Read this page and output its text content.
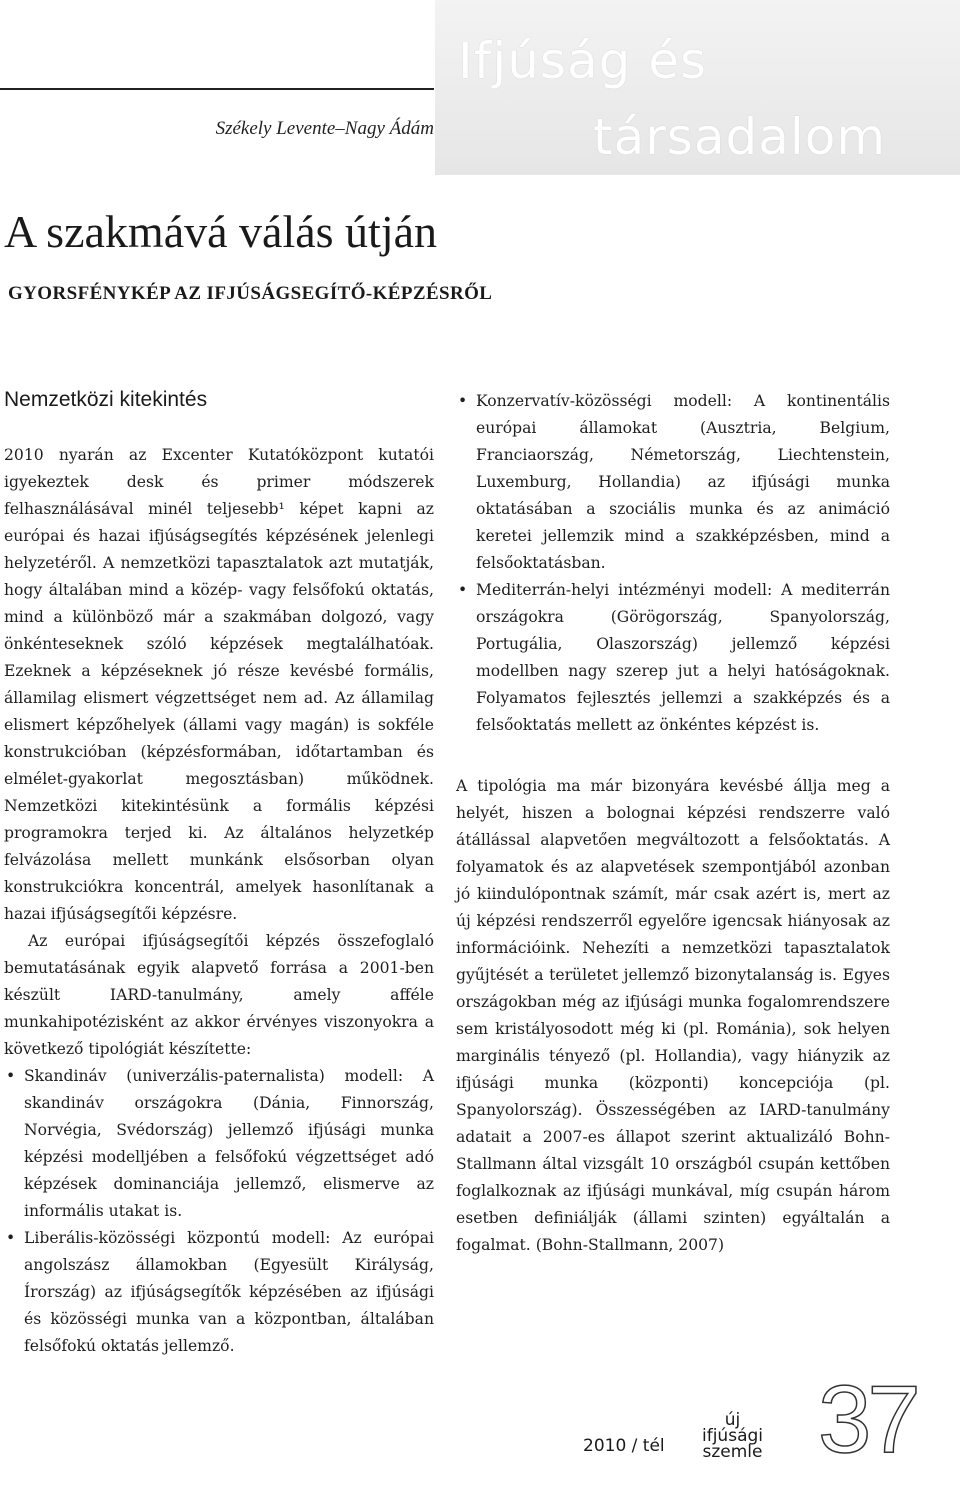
Ifjúság és
társadalom
Székely Levente–Nagy Ádám
A szakmává válás útján
GYORSFÉNYKÉP AZ IFJÚSÁGSEGÍTŐ-KÉPZÉSRŐL
Nemzetközi kitekintés

2010 nyarán az Excenter Kutatóközpont kutatói igyekeztek desk és primer módszerek felhasználásával minél teljesebb¹ képet kapni az európai és hazai ifjúságsegítés képzésének jelenlegi helyzetéről. A nemzetközi tapasztalatok azt mutatják, hogy általában mind a közép- vagy felsőfokú oktatás, mind a különböző már a szakmában dolgozó, vagy önkénteseknek szóló képzések megtalálhatóak. Ezeknek a képzéseknek jó része kevésbé formális, államilag elismert végzettséget nem ad. Az államilag elismert képzőhelyek (állami vagy magán) is sokféle konstrukcióban (képzésformában, időtartamban és elmélet-gyakorlat megosztásban) működnek. Nemzetközi kitekintésünk a formális képzési programokra terjed ki. Az általános helyzetkép felvázolása mellett munkánk elsősorban olyan konstrukciókra koncentrál, amelyek hasonlítanak a hazai ifjúságsegítői képzésre.

Az európai ifjúságsegítői képzés összefoglaló bemutatásának egyik alapvető forrása a 2001-ben készült IARD-tanulmány, amely afféle munkahipotézisként az akkor érvényes viszonyokra a következő tipológiát készítette:

• Skandináv (univerzális-paternalista) modell: A skandináv országokra (Dánia, Finnország, Norvégia, Svédország) jellemző ifjúsági munka képzési modelljében a felsőfokú végzettséget adó képzések dominanciája jellemző, elismerve az informális utakat is.
• Liberális-közösségi központú modell: Az európai angolszász államokban (Egyesült Királyság, Írország) az ifjúságsegítők képzésében az ifjúsági és közösségi munka van a központban, általában felsőfokú oktatás jellemző.
• Konzervatív-közösségi modell: A kontinentális európai államokat (Ausztria, Belgium, Franciaország, Németország, Liechtenstein, Luxemburg, Hollandia) az ifjúsági munka oktatásában a szociális munka és az animáció keretei jellemzik mind a szakképzésben, mind a felsőoktatásban.
• Mediterrán-helyi intézményi modell: A mediterrán országokra (Görögország, Spanyolország, Portugália, Olaszország) jellemző képzési modellben nagy szerep jut a helyi hatóságoknak. Folyamatos fejlesztés jellemzi a szakképzés és a felsőoktatás mellett az önkéntes képzést is.

A tipológia ma már bizonyára kevésbé állja meg a helyét, hiszen a bolognai képzési rendszerre való átállással alapvetően megváltozott a felsőoktatás. A folyamatok és az alapvetések szempontjából azonban jó kiindulópontnak számít, már csak azért is, mert az új képzési rendszerről egyelőre igencsak hiányosak az információink. Nehezíti a nemzetközi tapasztalatok gyűjtését a területet jellemző bizonytalanság is. Egyes országokban még az ifjúsági munka fogalomrendszere sem kristályosodott még ki (pl. Románia), sok helyen marginális tényező (pl. Hollandia), vagy hiányzik az ifjúsági munka (központi) koncepciója (pl. Spanyolország). Összességében az IARD-tanulmány adatait a 2007-es állapot szerint aktualizáló Bohn-Stallmann által vizsgált 10 országból csupán kettőben foglalkoznak az ifjúsági munkával, míg csupán három esetben definiálják (állami szinten) egyáltalán a fogalmat. (Bohn-Stallmann, 2007)

2010 / tél
új
ifjúsági
szemle 37
